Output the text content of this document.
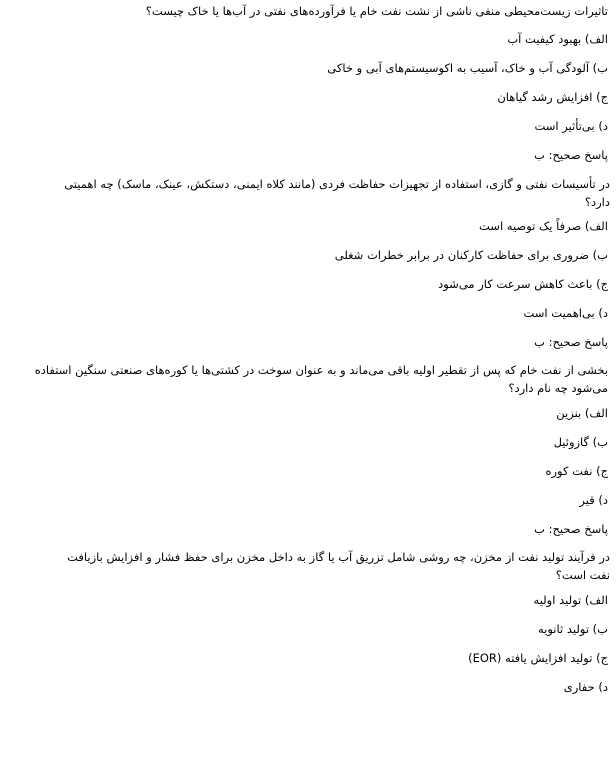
تاثیرات زیست‌محیطی منفی ناشی از نشت نفت خام یا فرآورده‌های نفتی در آب‌ها یا خاک چیست؟

الف) بهبود کیفیت آب

ب) آلودگی آب و خاک، آسیب به اکوسیستم‌های آبی و خاکی

ج) افزایش رشد گیاهان

د) بی‌تأثیر است

پاسخ صحیح: ب

در تأسیسات نفتی و گازی، استفاده از تجهیزات حفاظت فردی (مانند کلاه ایمنی، دستکش، عینک، ماسک) چه اهمیتی دارد؟

الف) صرفاً یک توصیه است

ب) ضروری برای حفاظت کارکنان در برابر خطرات شغلی

ج) باعث کاهش سرعت کار می‌شود

د) بی‌اهمیت است

پاسخ صحیح: ب

بخشی از نفت خام که پس از تقطیر اولیه باقی می‌ماند و به عنوان سوخت در کشتی‌ها یا کوره‌های صنعتی سنگین استفاده می‌شود چه نام دارد؟

الف) بنزین

ب) گازوئیل

ج) نفت کوره

د) قیر

پاسخ صحیح: ب

در فرآیند تولید نفت از مخزن، چه روشی شامل تزریق آب یا گاز به داخل مخزن برای حفظ فشار و افزایش بازیافت نفت است؟

الف) تولید اولیه

ب) تولید ثانویه

ج) تولید افزایش یافته (EOR)

د) حفاری
